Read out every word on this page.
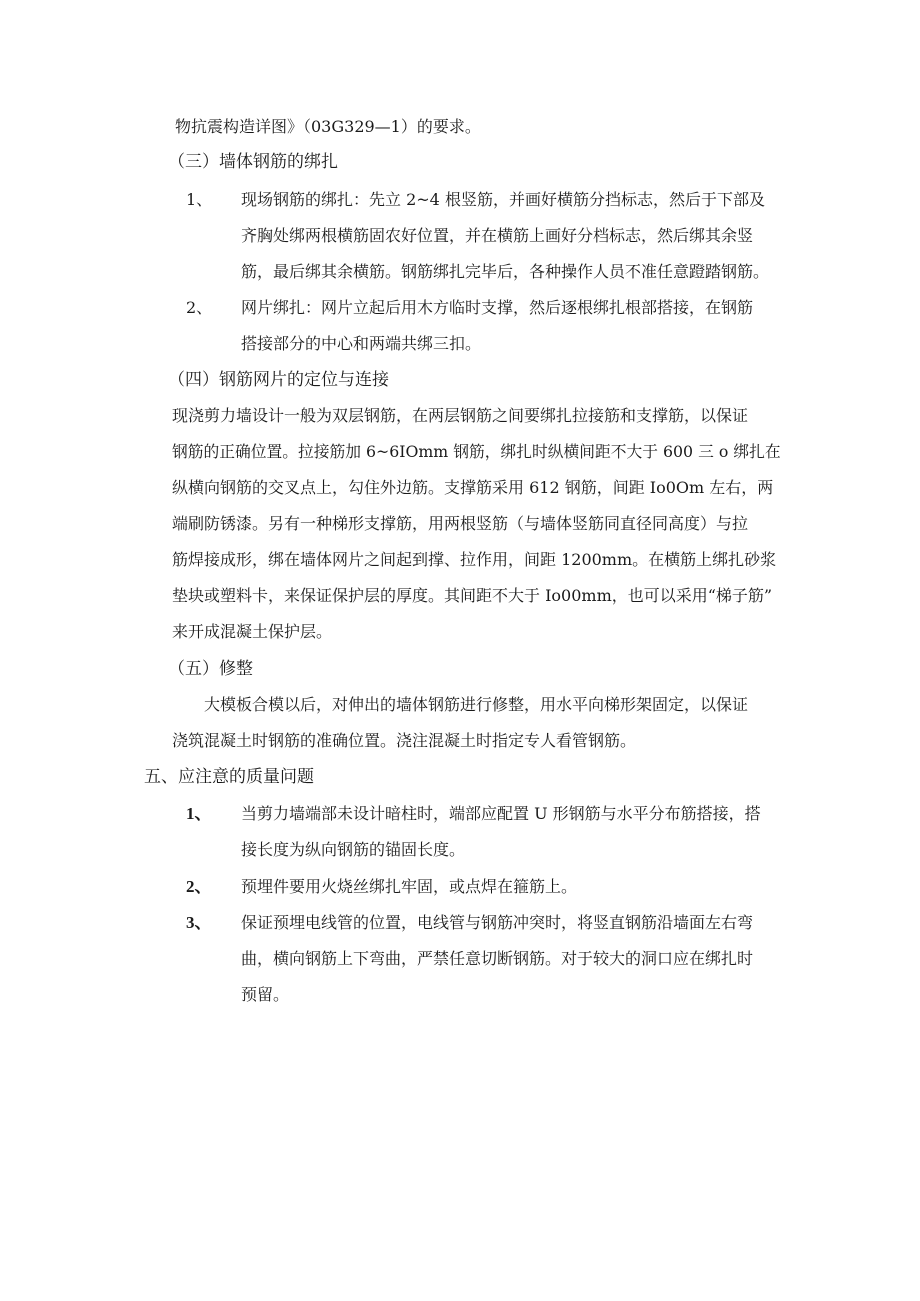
物抗震构造详图》（03G329—1）的要求。
（三）墙体钢筋的绑扎
1、 现场钢筋的绑扎：先立 2~4 根竖筋，并画好横筋分挡标志，然后于下部及
齐胸处绑两根横筋固农好位置，并在横筋上画好分档标志，然后绑其余竖
筋，最后绑其余横筋。钢筋绑扎完毕后，各种操作人员不准任意蹬踏钢筋。
2、 网片绑扎：网片立起后用木方临时支撑，然后逐根绑扎根部搭接，在钢筋
搭接部分的中心和两端共绑三扣。
（四）钢筋网片的定位与连接
现浇剪力墙设计一般为双层钢筋，在两层钢筋之间要绑扎拉接筋和支撑筋，以保证
钢筋的正确位置。拉接筋加 6~6IOmm 钢筋，绑扎时纵横间距不大于 600 三 o 绑扎在
纵横向钢筋的交叉点上，勾住外边筋。支撑筋采用 612 钢筋，间距 Io0Om 左右，两
端刷防锈漆。另有一种梯形支撑筋，用两根竖筋（与墙体竖筋同直径同高度）与拉
筋焊接成形，绑在墙体网片之间起到撑、拉作用，间距 1200mm。在横筋上绑扎砂浆
垫块或塑料卡，来保证保护层的厚度。其间距不大于 Io00mm，也可以采用“梯子筋”
来开成混凝土保护层。
（五）修整
大模板合模以后，对伸出的墙体钢筋进行修整，用水平向梯形架固定，以保证
浇筑混凝土时钢筋的准确位置。浇注混凝土时指定专人看管钢筋。
五、应注意的质量问题
1、 当剪力墙端部未设计暗柱时，端部应配置 U 形钢筋与水平分布筋搭接，搭
接长度为纵向钢筋的锚固长度。
2、 预埋件要用火烧丝绑扎牢固，或点焊在箍筋上。
3、 保证预埋电线管的位置，电线管与钢筋冲突时，将竖直钢筋沿墙面左右弯
曲，横向钢筋上下弯曲，严禁任意切断钢筋。对于较大的洞口应在绑扎时
预留。
